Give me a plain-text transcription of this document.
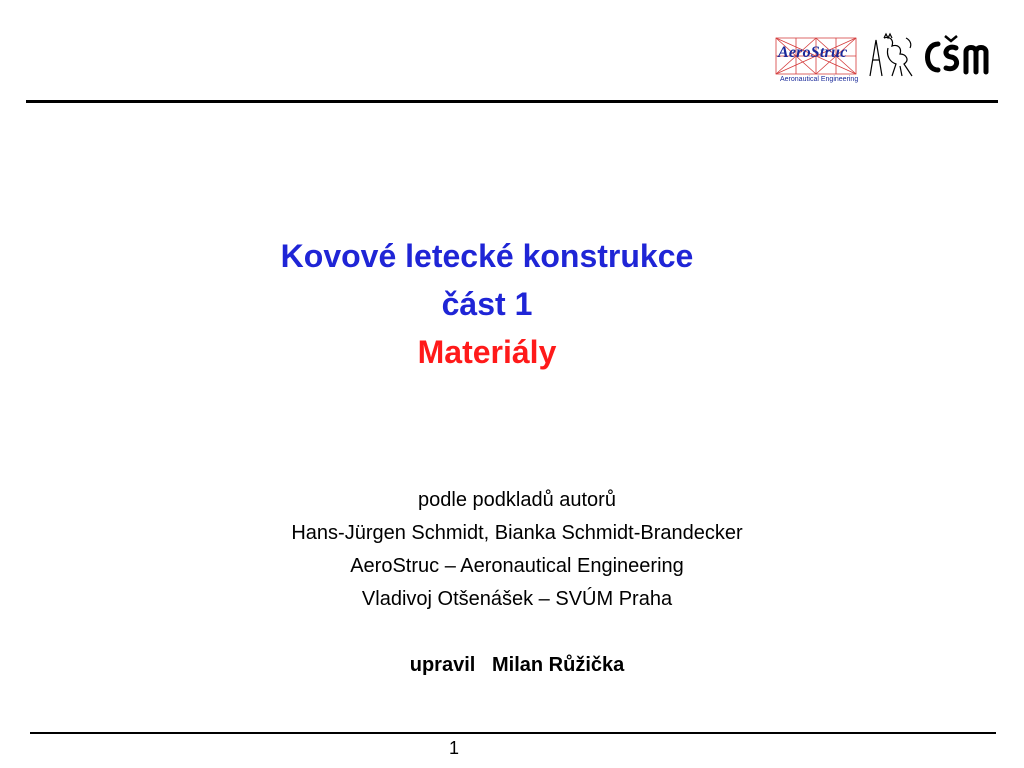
AeroStruc
Aeronautical Engineering
Kovové letecké konstrukce
část 1
Materiály
podle podkladů autorů
Hans-Jürgen Schmidt, Bianka Schmidt-Brandecker
AeroStruc – Aeronautical Engineering
Vladivoj Otšenášek – SVÚM Praha
upravil Milan Růžička
1
